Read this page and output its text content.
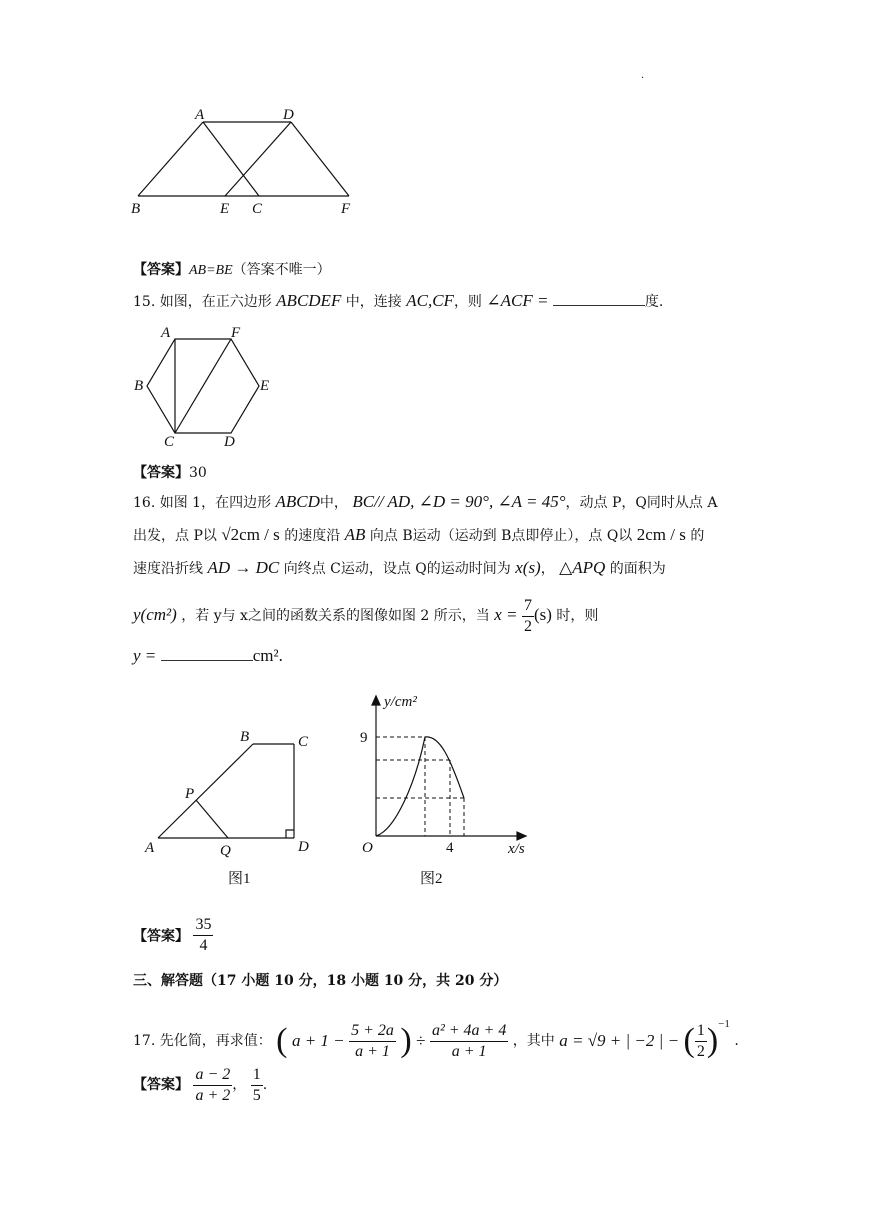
.
A	D
B	E C	F
【答案】AB=BE（答案不唯一）
15. 如图，在正六边形 ABCDEF 中，连接 AC,CF，则 ∠ACF =	度.
A	F
B	E
C	D
【答案】30
16. 如图 1，在四边形 ABCD中， BC// AD, ∠D = 90°, ∠A = 45°，动点 P，Q同时从点 A
出发，点 P以 √2cm / s 的速度沿 AB 向点 B运动（运动到 B点即停止），点 Q以 2cm / s 的
速度沿折线 AD → DC 向终点 C运动，设点 Q的运动时间为 x(s)， △APQ 的面积为
y(cm²) ，若 y与 x之间的函数关系的图像如图 2 所示，当 $x = \frac{7}{2} (s)$ 时，则
y =	cm².
A
B	C
D
P
Q
图1
y/cm²
x/s
O
9
4
图2
【答案】 $\frac{35}{4}$
三、解答题（17 小题 10 分，18 小题 10 分，共 20 分）
17. 先化简，再求值： ( $a + 1 - \frac{5 + 2a}{a + 1}$ ) ÷ $\frac{\text{a² + 4a + 4}}{a + 1}$ ，其中 a = √9 + | −2 | − ( $\frac{1}{2} )^{-1}$ .
【答案】 $\frac{a - 2}{a + 2}$ ， $\frac{1}{5}$ .
